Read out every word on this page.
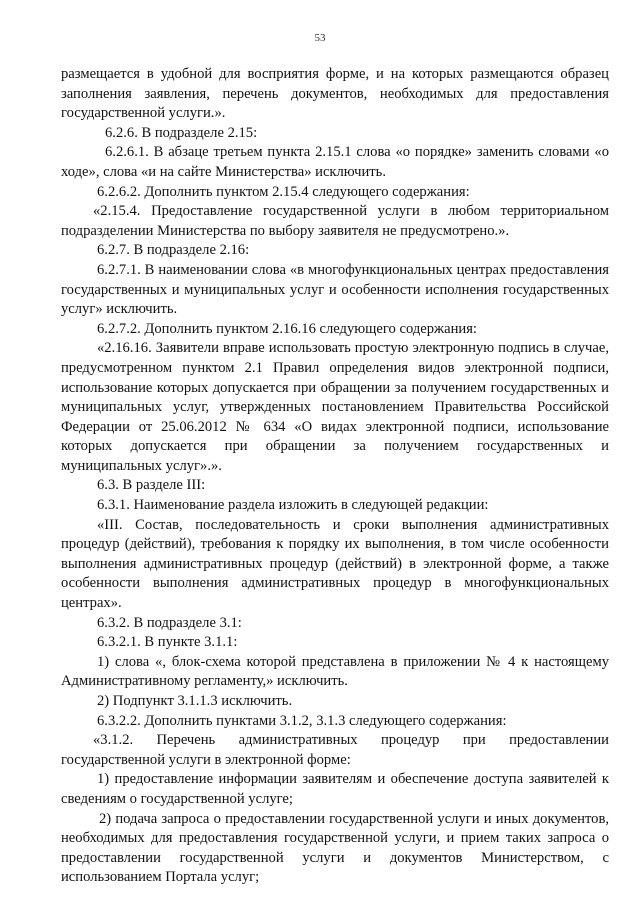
53

размещается в удобной для восприятия форме, и на которых размещаются образец заполнения заявления, перечень документов, необходимых для предоставления государственной услуги.».

6.2.6. В подразделе 2.15:

6.2.6.1. В абзаце третьем пункта 2.15.1 слова «о порядке» заменить словами «о ходе», слова «и на сайте Министерства» исключить.

6.2.6.2. Дополнить пунктом 2.15.4 следующего содержания:

«2.15.4. Предоставление государственной услуги в любом территориальном подразделении Министерства по выбору заявителя не предусмотрено.».

6.2.7. В подразделе 2.16:

6.2.7.1. В наименовании слова «в многофункциональных центрах предоставления государственных и муниципальных услуг и особенности исполнения государственных услуг» исключить.

6.2.7.2. Дополнить пунктом 2.16.16 следующего содержания:

«2.16.16. Заявители вправе использовать простую электронную подпись в случае, предусмотренном пунктом 2.1 Правил определения видов электронной подписи, использование которых допускается при обращении за получением государственных и муниципальных услуг, утвержденных постановлением Правительства Российской Федерации от 25.06.2012 № 634 «О видах электронной подписи, использование которых допускается при обращении за получением государственных и муниципальных услуг».».

6.3. В разделе III:

6.3.1. Наименование раздела изложить в следующей редакции:

«III. Состав, последовательность и сроки выполнения административных процедур (действий), требования к порядку их выполнения, в том числе особенности выполнения административных процедур (действий) в электронной форме, а также особенности выполнения административных процедур в многофункциональных центрах».

6.3.2. В подразделе 3.1:

6.3.2.1. В пункте 3.1.1:

1) слова «, блок-схема которой представлена в приложении № 4 к настоящему Административному регламенту,» исключить.

2) Подпункт 3.1.1.3 исключить.

6.3.2.2. Дополнить пунктами 3.1.2, 3.1.3 следующего содержания:

«3.1.2. Перечень административных процедур при предоставлении государственной услуги в электронной форме:

1) предоставление информации заявителям и обеспечение доступа заявителей к сведениям о государственной услуге;

2) подача запроса о предоставлении государственной услуги и иных документов, необходимых для предоставления государственной услуги, и прием таких запроса о предоставлении государственной услуги и документов Министерством, с использованием Портала услуг;
